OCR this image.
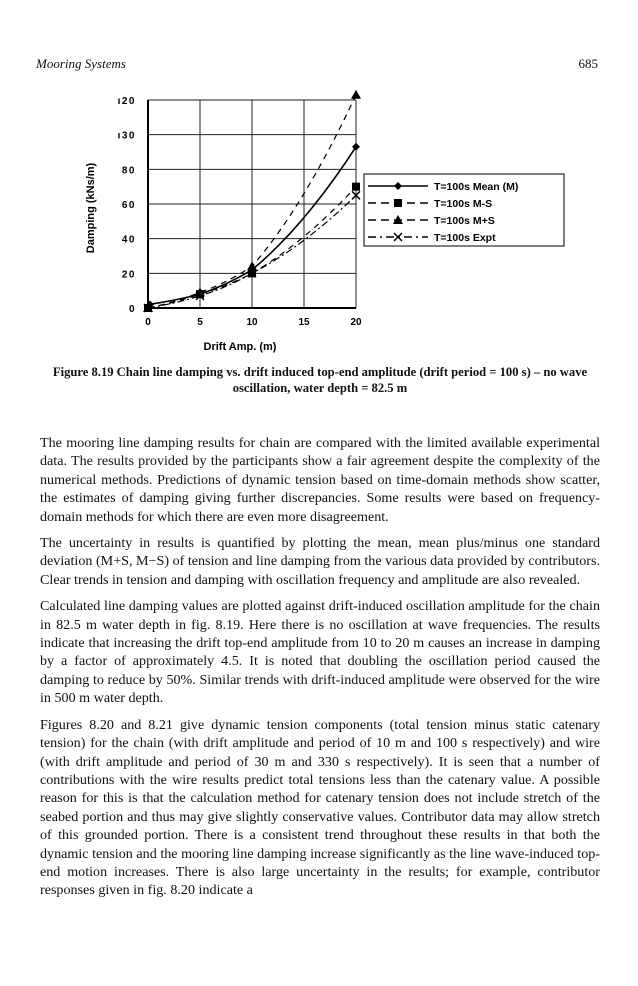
Mooring Systems	685
0	5	10	15	20
0
20
40
60
80
ı30
ı20
Drift Amp. (m)
Damping (kNs/m)	T=100s Mean (M)
T=100s M-S
T=100s M+S
T=100s Expt
Figure 8.19 Chain line damping vs. drift induced top-end amplitude (drift period = 100 s) – no wave oscillation, water depth = 82.5 m

The mooring line damping results for chain are compared with the limited available experimental data. The results provided by the participants show a fair agreement despite the complexity of the numerical methods. Predictions of dynamic tension based on time-domain methods show scatter, the estimates of damping giving further discrepancies. Some results were based on frequency-domain methods for which there are even more disagreement.

The uncertainty in results is quantified by plotting the mean, mean plus/minus one standard deviation (M+S, M−S) of tension and line damping from the various data provided by contributors. Clear trends in tension and damping with oscillation frequency and amplitude are also revealed.

Calculated line damping values are plotted against drift-induced oscillation amplitude for the chain in 82.5 m water depth in fig. 8.19. Here there is no oscillation at wave frequencies. The results indicate that increasing the drift top-end amplitude from 10 to 20 m causes an increase in damping by a factor of approximately 4.5. It is noted that doubling the oscillation period caused the damping to reduce by 50%. Similar trends with drift-induced amplitude were observed for the wire in 500 m water depth.

Figures 8.20 and 8.21 give dynamic tension components (total tension minus static catenary tension) for the chain (with drift amplitude and period of 10 m and 100 s respectively) and wire (with drift amplitude and period of 30 m and 330 s respectively). It is seen that a number of contributions with the wire results predict total tensions less than the catenary value. A possible reason for this is that the calculation method for catenary tension does not include stretch of the seabed portion and thus may give slightly conservative values. Contributor data may allow stretch of this grounded portion. There is a consistent trend throughout these results in that both the dynamic tension and the mooring line damping increase significantly as the line wave-induced top-end motion increases. There is also large uncertainty in the results; for example, contributor responses given in fig. 8.20 indicate a
